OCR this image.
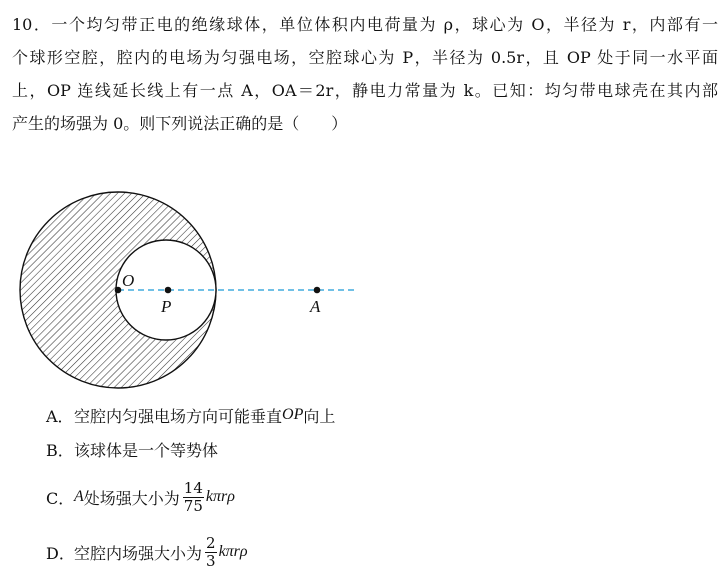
10．一个均匀带正电的绝缘球体，单位体积内电荷量为 ρ，球心为 O，半径为 r，内部有一
个球形空腔，腔内的电场为匀强电场，空腔球心为 P，半径为 0.5r，且 OP 处于同一水平面
上，OP 连线延长线上有一点 A，OA＝2r，静电力常量为 k。已知：均匀带电球壳在其内部
产生的场强为 0。则下列说法正确的是（　　）
O
P	A
A． 空腔内匀强电场方向可能垂直 OP 向上
B． 该球体是一个等势体
C． A 处场强大小为 $\frac{14}{75}$ kπrρ
D． 空腔内场强大小为 $\frac{2}{3}$ kπrρ
